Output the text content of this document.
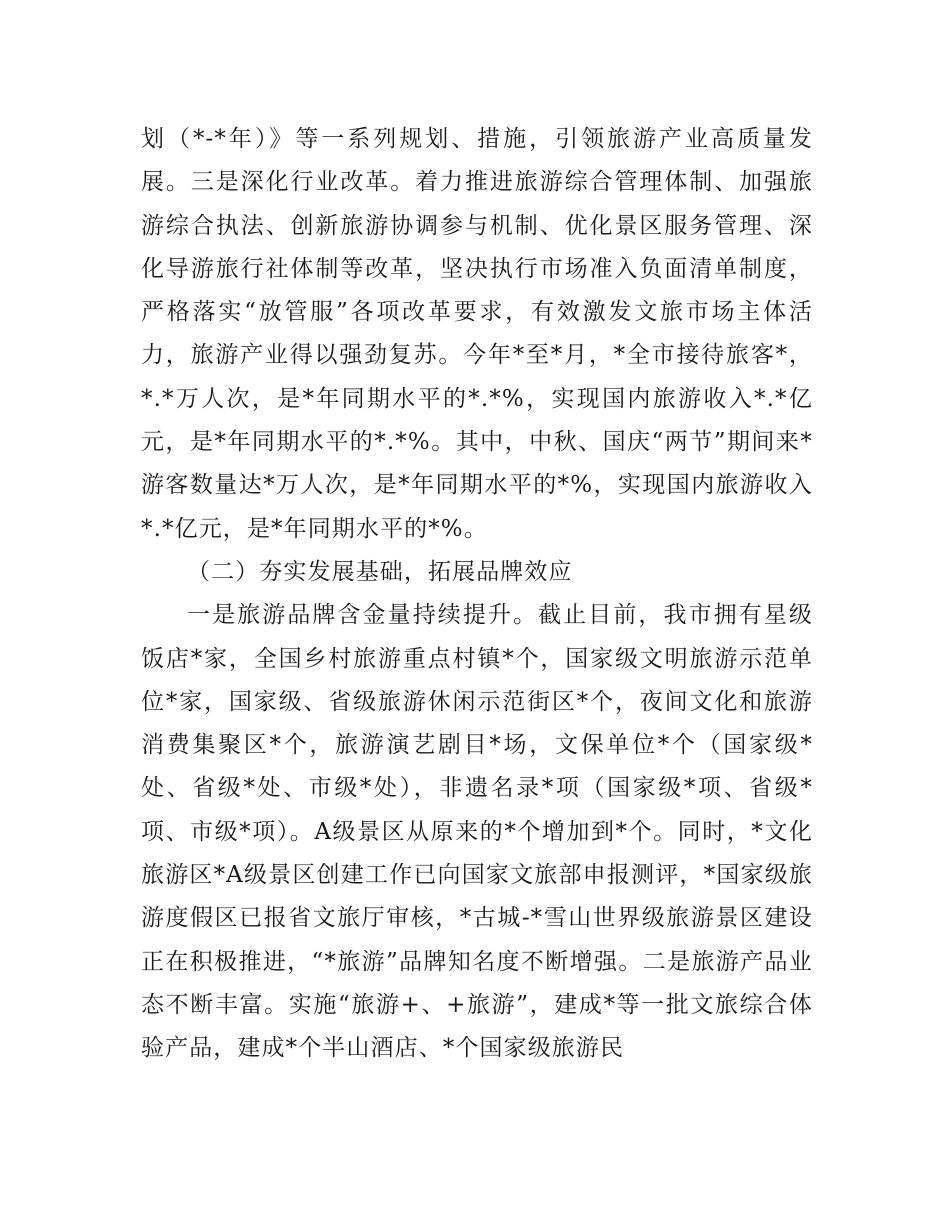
划（*-*年）》等一系列规划、措施，引领旅游产业高质量发展。三是深化行业改革。着力推进旅游综合管理体制、加强旅游综合执法、创新旅游协调参与机制、优化景区服务管理、深化导游旅行社体制等改革，坚决执行市场准入负面清单制度，严格落实“放管服”各项改革要求，有效激发文旅市场主体活力，旅游产业得以强劲复苏。今年*至*月，*全市接待旅客*，*.*万人次，是*年同期水平的*.*%，实现国内旅游收入*.*亿元，是*年同期水平的*.*%。其中，中秋、国庆“两节”期间来*游客数量达*万人次，是*年同期水平的*%，实现国内旅游收入*.*亿元，是*年同期水平的*%。

（二）夯实发展基础，拓展品牌效应

一是旅游品牌含金量持续提升。截止目前，我市拥有星级饭店*家，全国乡村旅游重点村镇*个，国家级文明旅游示范单位*家，国家级、省级旅游休闲示范街区*个，夜间文化和旅游消费集聚区*个，旅游演艺剧目*场，文保单位*个（国家级*处、省级*处、市级*处），非遗名录*项（国家级*项、省级*项、市级*项）。A级景区从原来的*个增加到*个。同时，*文化旅游区*A级景区创建工作已向国家文旅部申报测评，*国家级旅游度假区已报省文旅厅审核，*古城-*雪山世界级旅游景区建设正在积极推进，“*旅游”品牌知名度不断增强。二是旅游产品业态不断丰富。实施“旅游+、+旅游”，建成*等一批文旅综合体验产品，建成*个半山酒店、*个国家级旅游民
